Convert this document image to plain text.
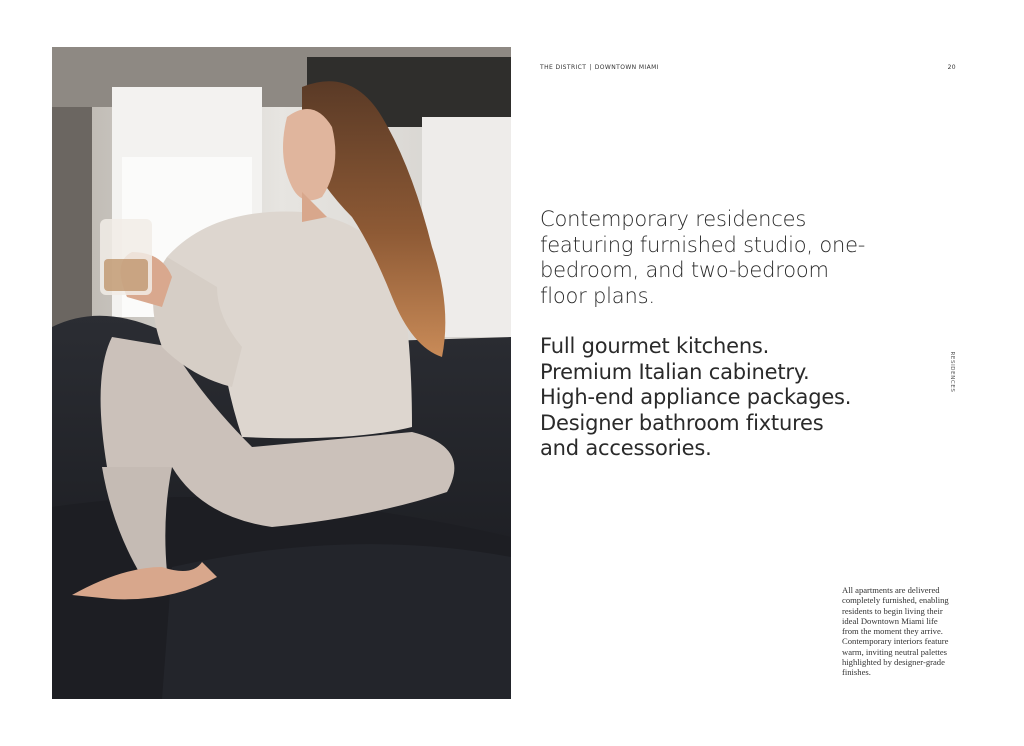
THE DISTRICT | DOWNTOWN MIAMI	20
Contemporary residences featuring furnished studio, one-bedroom, and two-bedroom floor plans.
Full gourmet kitchens.
Premium Italian cabinetry.
High-end appliance packages.
Designer bathroom fixtures
and accessories.
RESIDENCES
All apartments are delivered completely furnished, enabling residents to begin living their ideal Downtown Miami life from the moment they arrive. Contemporary interiors feature warm, inviting neutral palettes highlighted by designer-grade finishes.
